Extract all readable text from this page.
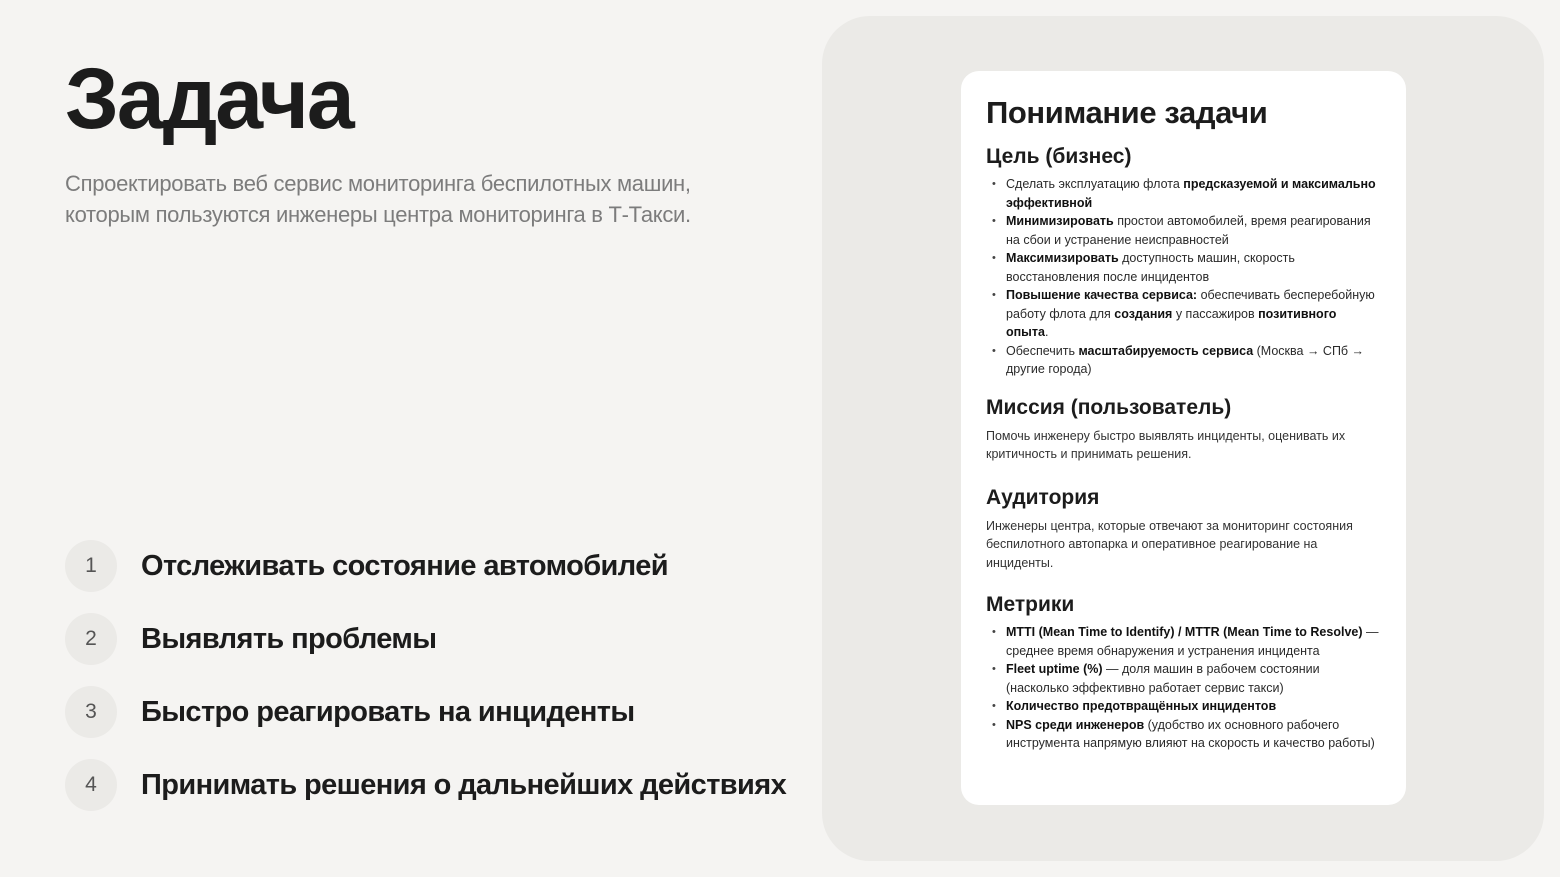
Задача

Спроектировать веб сервис мониторинга беспилотных машин, которым пользуются инженеры центра мониторинга в Т-Такси.

1	Отслеживать состояние автомобилей
2	Выявлять проблемы
3	Быстро реагировать на инциденты
4	Принимать решения о дальнейших действиях
Понимание задачи
Цель (бизнес)
• Сделать эксплуатацию флота предсказуемой и максимально эффективной
• Минимизировать простои автомобилей, время реагирования на сбои и устранение неисправностей
• Максимизировать доступность машин, скорость восстановления после инцидентов
• Повышение качества сервиса: обеспечивать бесперебойную работу флота для создания у пассажиров позитивного опыта.
• Обеспечить масштабируемость сервиса (Москва → СПб → другие города)
Миссия (пользователь)

Помочь инженеру быстро выявлять инциденты, оценивать их критичность и принимать решения.

Аудитория

Инженеры центра, которые отвечают за мониторинг состояния беспилотного автопарка и оперативное реагирование на инциденты.

Метрики
• MTTI (Mean Time to Identify) / MTTR (Mean Time to Resolve) — среднее время обнаружения и устранения инцидента
• Fleet uptime (%) — доля машин в рабочем состоянии (насколько эффективно работает сервис такси)
• Количество предотвращённых инцидентов
• NPS среди инженеров (удобство их основного рабочего инструмента напрямую влияют на скорость и качество работы)
